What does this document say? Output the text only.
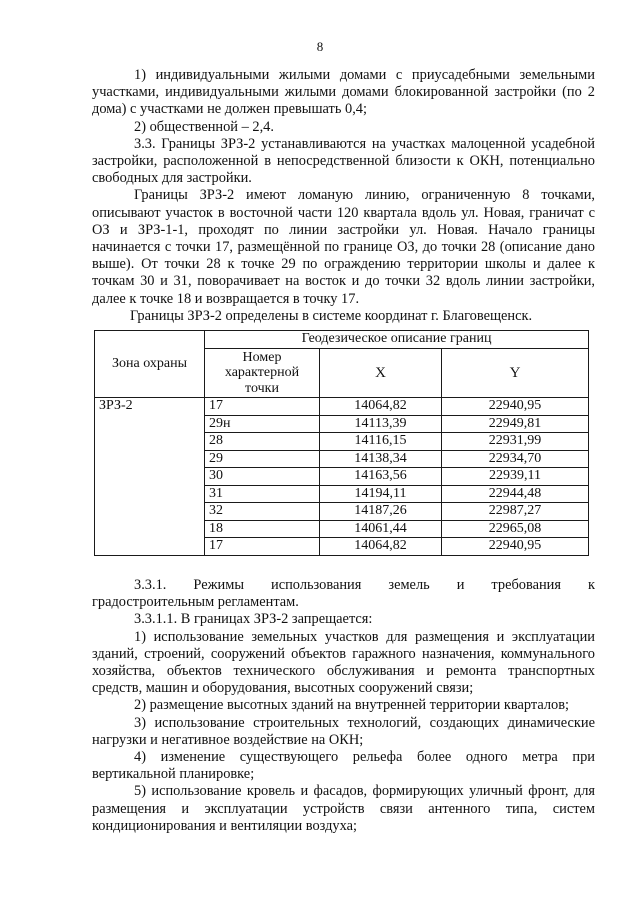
8

1) индивидуальными жилыми домами с приусадебными земельными участками, индивидуальными жилыми домами блокированной застройки (по 2 дома) с участками не должен превышать 0,4;

2) общественной – 2,4.

3.3. Границы ЗРЗ-2 устанавливаются на участках малоценной усадебной застройки, расположенной в непосредственной близости к ОКН, потенциально свободных для застройки.

Границы ЗРЗ-2 имеют ломаную линию, ограниченную 8 точками, описывают участок в восточной части 120 квартала вдоль ул. Новая, граничат с ОЗ и ЗРЗ-1-1, проходят по линии застройки ул. Новая. Начало границы начинается с точки 17, размещённой по границе ОЗ, до точки 28 (описание дано выше). От точки 28 к точке 29 по ограждению территории школы и далее к точкам 30 и 31, поворачивает на восток и до точки 32 вдоль линии застройки, далее к точке 18 и возвращается в точку 17.

Границы ЗРЗ-2 определены в системе координат г. Благовещенск.

Зона охраны	Геодезическое описание границ		
	Номер характерной точки	X	Y
ЗРЗ-2	17	14064,82	22940,95
	29н	14113,39	22949,81
	28	14116,15	22931,99
	29	14138,34	22934,70
	30	14163,56	22939,11
	31	14194,11	22944,48
	32	14187,26	22987,27
	18	14061,44	22965,08
	17	14064,82	22940,95

3.3.1. Режимы использования земель и требования к

градостроительным регламентам.

3.3.1.1. В границах ЗРЗ-2 запрещается:

1) использование земельных участков для размещения и эксплуатации зданий, строений, сооружений объектов гаражного назначения, коммунального хозяйства, объектов технического обслуживания и ремонта транспортных средств, машин и оборудования, высотных сооружений связи;

2) размещение высотных зданий на внутренней территории кварталов;

3) использование строительных технологий, создающих динамические нагрузки и негативное воздействие на ОКН;

4) изменение существующего рельефа более одного метра при вертикальной планировке;

5) использование кровель и фасадов, формирующих уличный фронт, для размещения и эксплуатации устройств связи антенного типа, систем кондиционирования и вентиляции воздуха;
